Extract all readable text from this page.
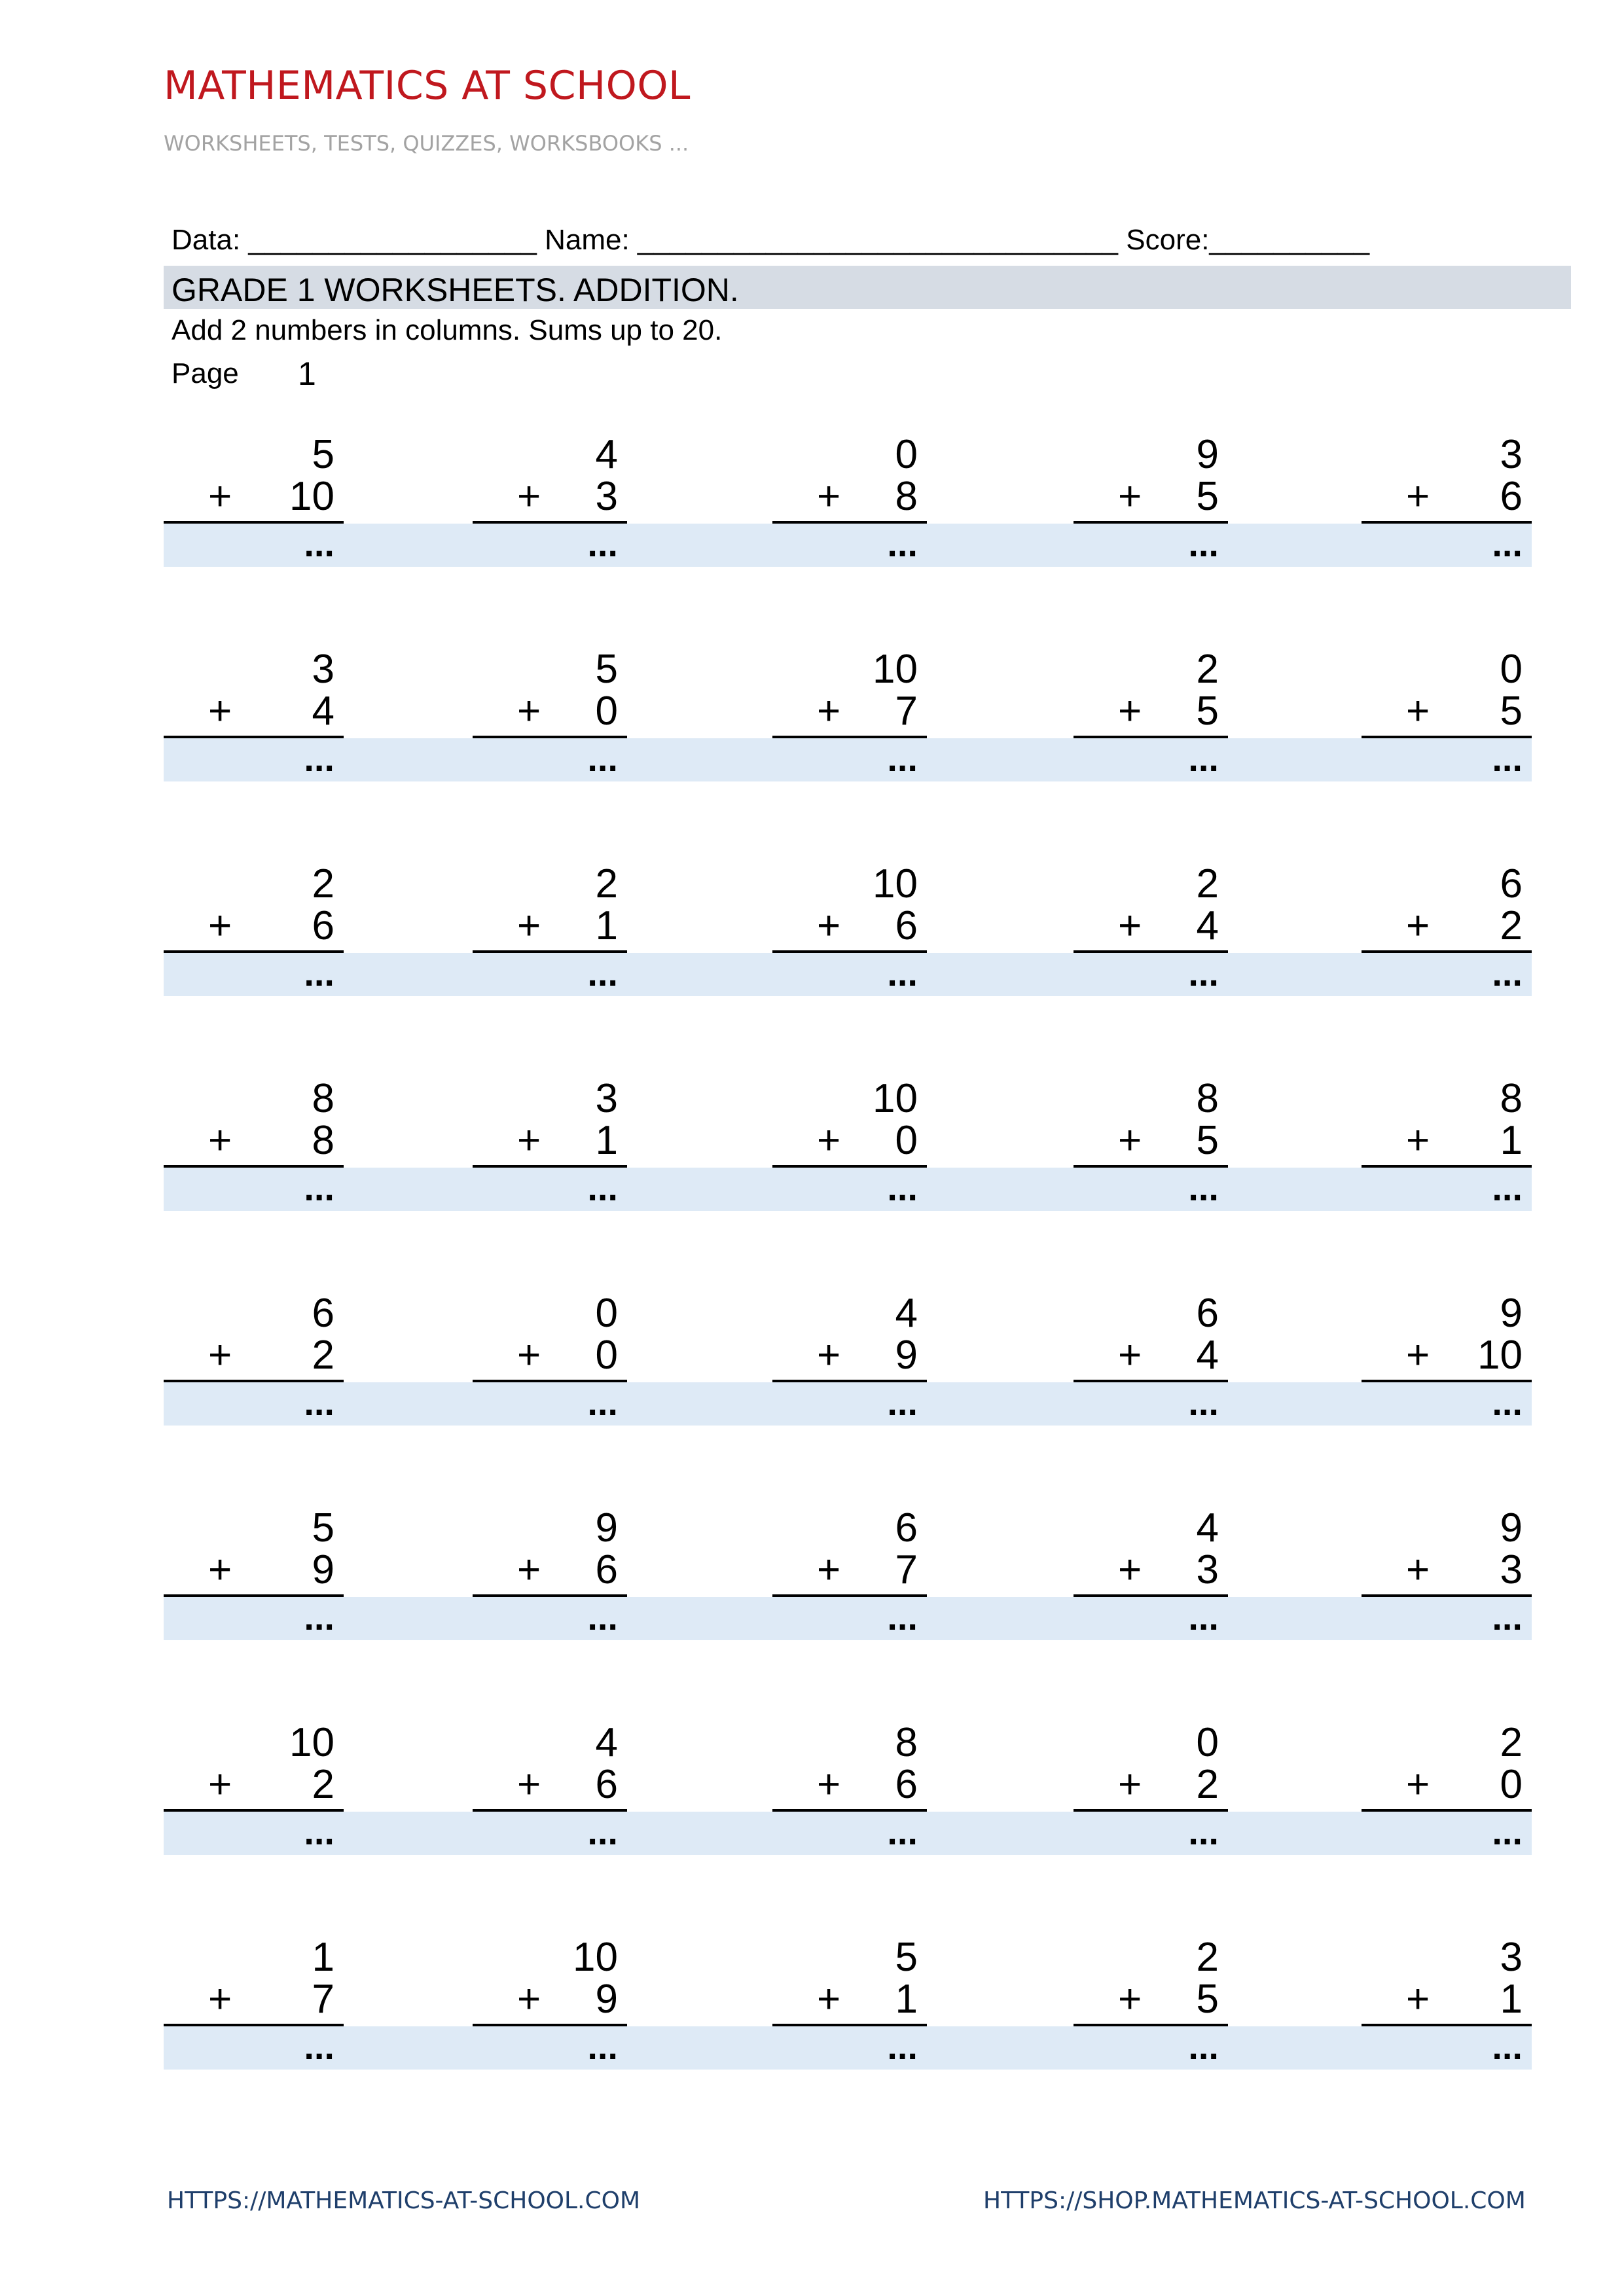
MATHEMATICS AT SCHOOL
WORKSHEETS, TESTS, QUIZZES, WORKSBOOKS ...
Data: __________________ Name: ______________________________ Score:__________
GRADE 1 WORKSHEETS. ADDITION.
Add 2 numbers in columns. Sums up to 20.
Page 1
5
+ 10
...
4
+ 3
...
0
+ 8
...
9
+ 5
...
3
+ 6
...
3
+ 4
...
5
+ 0
...
10
+ 7
...
2
+ 5
...
0
+ 5
...
2
+ 6
...
2
+ 1
...
10
+ 6
...
2
+ 4
...
6
+ 2
...
8
+ 8
...
3
+ 1
...
10
+ 0
...
8
+ 5
...
8
+ 1
...
6
+ 2
...
0
+ 0
...
4
+ 9
...
6
+ 4
...
9
+ 10
...
5
+ 9
...
9
+ 6
...
6
+ 7
...
4
+ 3
...
9
+ 3
...
10
+ 2
...
4
+ 6
...
8
+ 6
...
0
+ 2
...
2
+ 0
...
1
+ 7
...
10
+ 9
...
5
+ 1
...
2
+ 5
...
3
+ 1
...
HTTPS://MATHEMATICS-AT-SCHOOL.COM	HTTPS://SHOP.MATHEMATICS-AT-SCHOOL.COM
